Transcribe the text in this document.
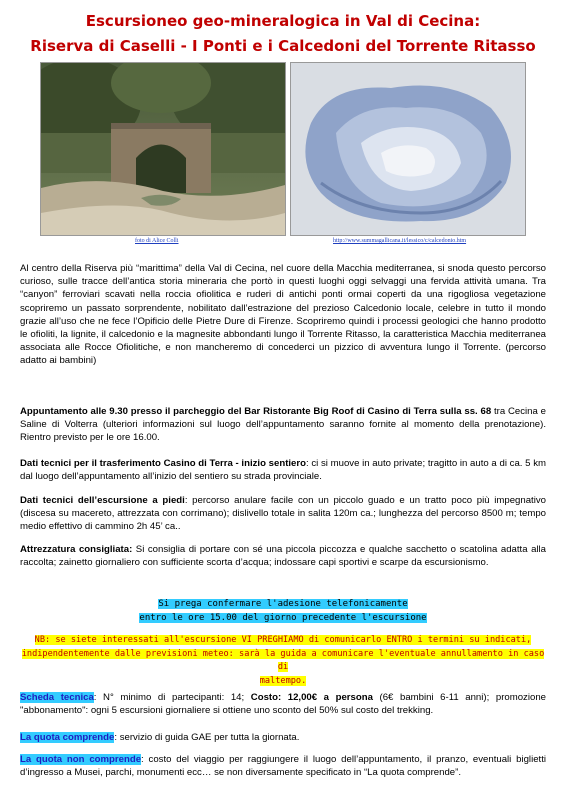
Escursioneo geo-mineralogica in Val di Cecina:
Riserva di Caselli - I Ponti e i Calcedoni del Torrente Ritasso
foto di Alice Colli	http://www.summagallicana.it/lessico/c/calcedonio.htm
Al centro della Riserva più “marittima” della Val di Cecina, nel cuore della Macchia mediterranea, si snoda questo percorso curioso, sulle tracce dell’antica storia mineraria che portò in questi luoghi oggi selvaggi una fervida attività umana. Tra “canyon” ferroviari scavati nella roccia ofiolitica e ruderi di antichi ponti ormai coperti da una rigogliosa vegetazione scopriremo un passato sorprendente, nobilitato dall’estrazione del prezioso Calcedonio locale, celebre in tutto il mondo grazie all’uso che ne fece l’Opificio delle Pietre Dure di Firenze. Scopriremo quindi i processi geologici che hanno prodotto le ofioliti, la lignite, il calcedonio e la magnesite abbondanti lungo il Torrente Ritasso, la caratteristica Macchia mediterranea associata alle Rocce Ofiolitiche, e non mancheremo di concederci un pizzico di avventura lungo il Torrente. (percorso adatto ai bambini)
Appuntamento alle 9.30 presso il parcheggio del Bar Ristorante Big Roof di Casino di Terra sulla ss. 68 tra Cecina e Saline di Volterra (ulteriori informazioni sul luogo dell’appuntamento saranno fornite al momento della prenotazione). Rientro previsto per le ore 16.00.
Dati tecnici per il trasferimento Casino di Terra - inizio sentiero: ci si muove in auto private; tragitto in auto a di ca. 5 km dal luogo dell’appuntamento all’inizio del sentiero su strada provinciale.
Dati tecnici dell’escursione a piedi: percorso anulare facile con un piccolo guado e un tratto poco più impegnativo (discesa su macereto, attrezzata con corrimano); dislivello totale in salita 120m ca.; lunghezza del percorso 8500 m; tempo medio effettivo di cammino 2h 45’ ca..
Attrezzatura consigliata: Si consiglia di portare con sé una piccola piccozza e qualche sacchetto o scatolina adatta alla raccolta; zainetto giornaliero con sufficiente scorta d’acqua; indossare capi sportivi e scarpe da escursionismo.
Si prega confermare l'adesione telefonicamente
entro le ore 15.00 del giorno precedente l'escursione
NB: se siete interessati all'escursione VI PREGHIAMO di comunicarlo ENTRO i termini su indicati,
indipendentemente dalle previsioni meteo: sarà la guida a comunicare l'eventuale annullamento in caso di
maltempo.
Scheda tecnica: N° minimo di partecipanti: 14; Costo: 12,00€ a persona (6€ bambini 6-11 anni); promozione "abbonamento": ogni 5 escursioni giornaliere si ottiene uno sconto del 50% sul costo del trekking.
La quota comprende: servizio di guida GAE per tutta la giornata.
La quota non comprende: costo del viaggio per raggiungere il luogo dell’appuntamento, il pranzo, eventuali biglietti d’ingresso a Musei, parchi, monumenti ecc… se non diversamente specificato in “La quota comprende”.
